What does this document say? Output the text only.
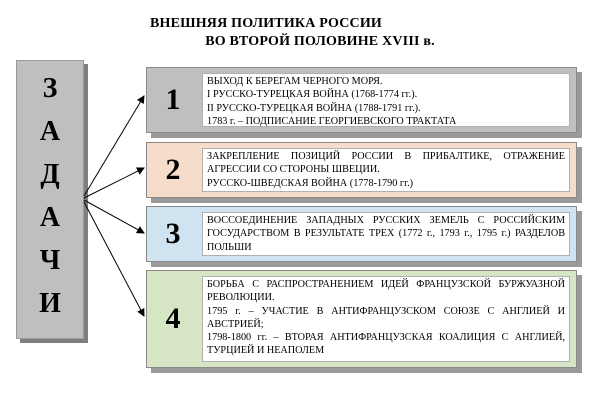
ВНЕШНЯЯ ПОЛИТИКА РОССИИ
ВО ВТОРОЙ ПОЛОВИНЕ XVIII в.
З
А
Д
А
Ч
И
1
ВЫХОД К БЕРЕГАМ ЧЕРНОГО МОРЯ.
I РУССКО-ТУРЕЦКАЯ ВОЙНА (1768-1774 гг.).
II РУССКО-ТУРЕЦКАЯ ВОЙНА (1788-1791 гг.).
1783 г. – ПОДПИСАНИЕ ГЕОРГИЕВСКОГО ТРАКТАТА
2	ЗАКРЕПЛЕНИЕ ПОЗИЦИЙ РОССИИ В ПРИБАЛТИКЕ, ОТРАЖЕНИЕ АГРЕССИИ СО СТОРОНЫ ШВЕЦИИ.
РУССКО-ШВЕДСКАЯ ВОЙНА (1778-1790 гг.)
3	ВОССОЕДИНЕНИЕ ЗАПАДНЫХ РУССКИХ ЗЕМЕЛЬ С РОССИЙСКИМ ГОСУДАРСТВОМ В РЕЗУЛЬТАТЕ ТРЕХ (1772 г., 1793 г., 1795 г.) РАЗДЕЛОВ ПОЛЬШИ
4
БОРЬБА С РАСПРОСТРАНЕНИЕМ ИДЕЙ ФРАНЦУЗСКОЙ БУРЖУАЗНОЙ РЕВОЛЮЦИИ.
1795 г. – УЧАСТИЕ В АНТИФРАНЦУЗСКОМ СОЮЗЕ С АНГЛИЕЙ И АВСТРИЕЙ;
1798-1800 гг. – ВТОРАЯ АНТИФРАНЦУЗСКАЯ КОАЛИЦИЯ С АНГЛИЕЙ, ТУРЦИЕЙ И НЕАПОЛЕМ
